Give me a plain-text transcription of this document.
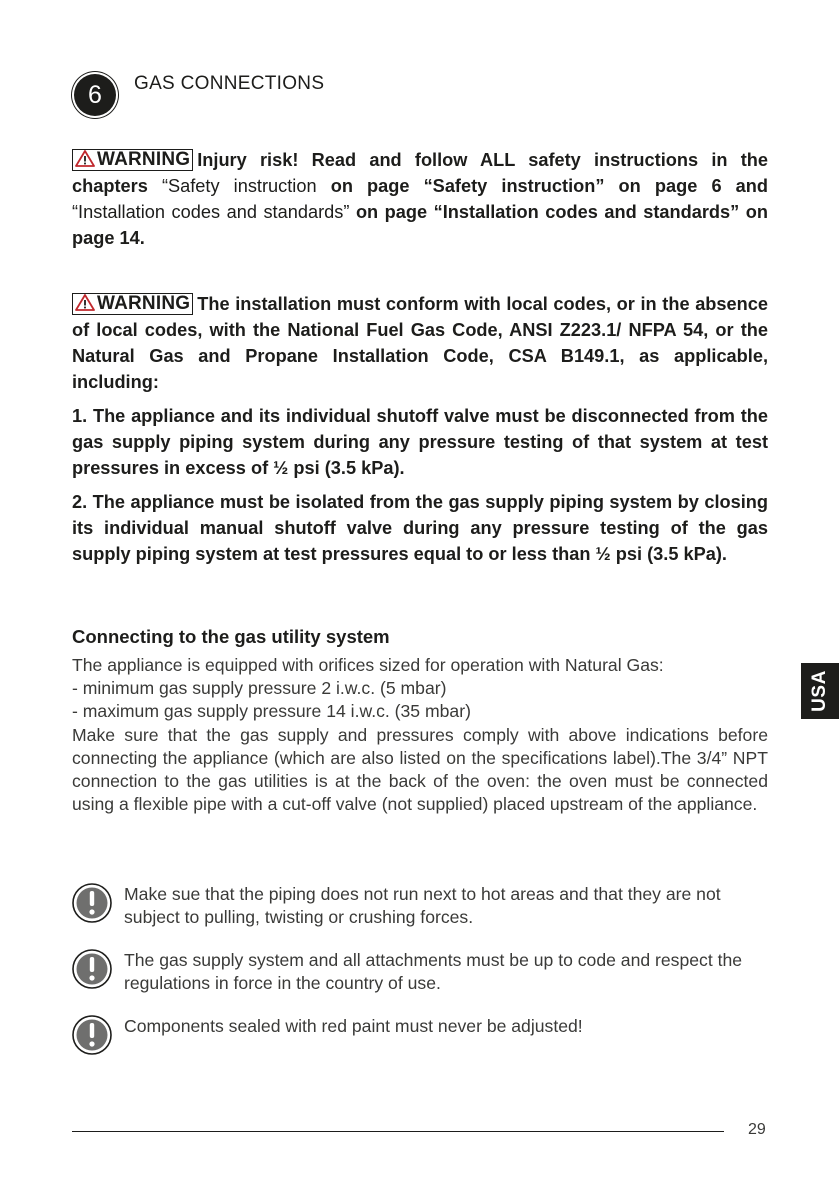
6	GAS CONNECTIONS
WARNING Injury risk! Read and follow ALL safety instructions in the chapters “Safety instruction on page “Safety instruction” on page 6 and “Installation codes and standards” on page “Installation codes and standards” on page 14.
WARNING The installation must conform with local codes, or in the absence of local codes, with the National Fuel Gas Code, ANSI Z223.1/ NFPA 54, or the Natural Gas and Propane Installation Code, CSA B149.1, as applicable, including:
1. The appliance and its individual shutoff valve must be disconnected from the gas supply piping system during any pressure testing of that system at test pressures in excess of ½ psi (3.5 kPa).
2. The appliance must be isolated from the gas supply piping system by closing its individual manual shutoff valve during any pressure testing of the gas supply piping system at test pressures equal to or less than ½ psi (3.5 kPa).
Connecting to the gas utility system

The appliance is equipped with orifices sized for operation with Natural Gas:

- minimum gas supply pressure 2 i.w.c. (5 mbar)

- maximum gas supply pressure 14 i.w.c. (35 mbar)

Make sure that the gas supply and pressures comply with above indications before connecting the appliance (which are also listed on the specifications label).The 3/4” NPT connection to the gas utilities is at the back of the oven: the oven must be connected using a flexible pipe with a cut-off valve (not supplied) placed upstream of the appliance.

Make sue that the piping does not run next to hot areas and that they are not subject to pulling, twisting or crushing forces.
The gas supply system and all attachments must be up to code and respect the regulations in force in the country of use.
Components sealed with red paint must never be adjusted!
USA
29
